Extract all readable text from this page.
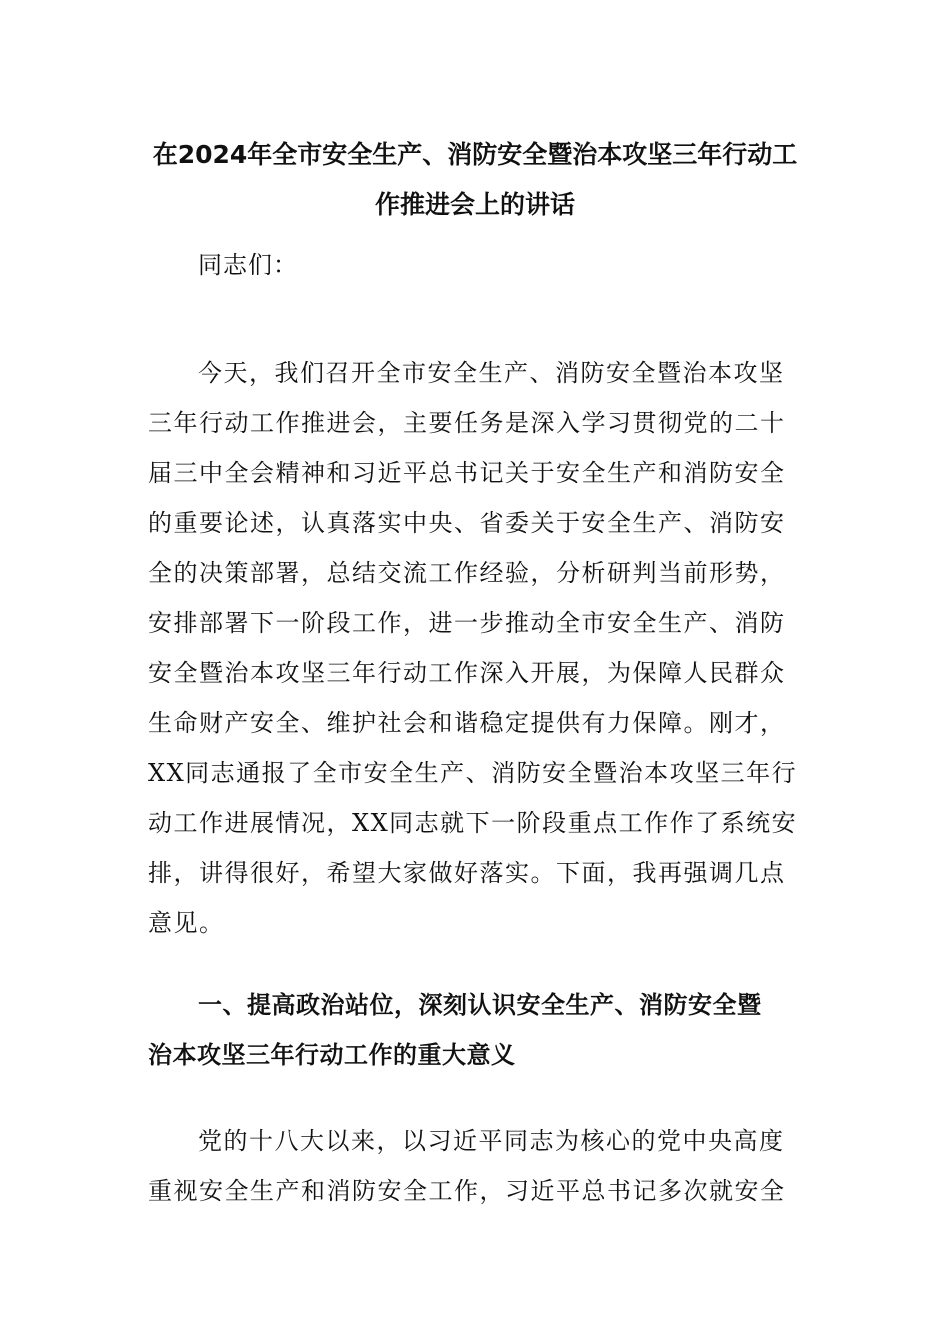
在2024年全市安全生产、消防安全暨治本攻坚三年行动工
作推进会上的讲话

同志们：

今天，我们召开全市安全生产、消防安全暨治本攻坚
三年行动工作推进会，主要任务是深入学习贯彻党的二十
届三中全会精神和习近平总书记关于安全生产和消防安全
的重要论述，认真落实中央、省委关于安全生产、消防安
全的决策部署，总结交流工作经验，分析研判当前形势，
安排部署下一阶段工作，进一步推动全市安全生产、消防
安全暨治本攻坚三年行动工作深入开展，为保障人民群众
生命财产安全、维护社会和谐稳定提供有力保障。刚才，
XX同志通报了全市安全生产、消防安全暨治本攻坚三年行
动工作进展情况，XX同志就下一阶段重点工作作了系统安
排，讲得很好，希望大家做好落实。下面，我再强调几点
意见。
一、提高政治站位，深刻认识安全生产、消防安全暨
治本攻坚三年行动工作的重大意义
党的十八大以来，以习近平同志为核心的党中央高度
重视安全生产和消防安全工作，习近平总书记多次就安全
